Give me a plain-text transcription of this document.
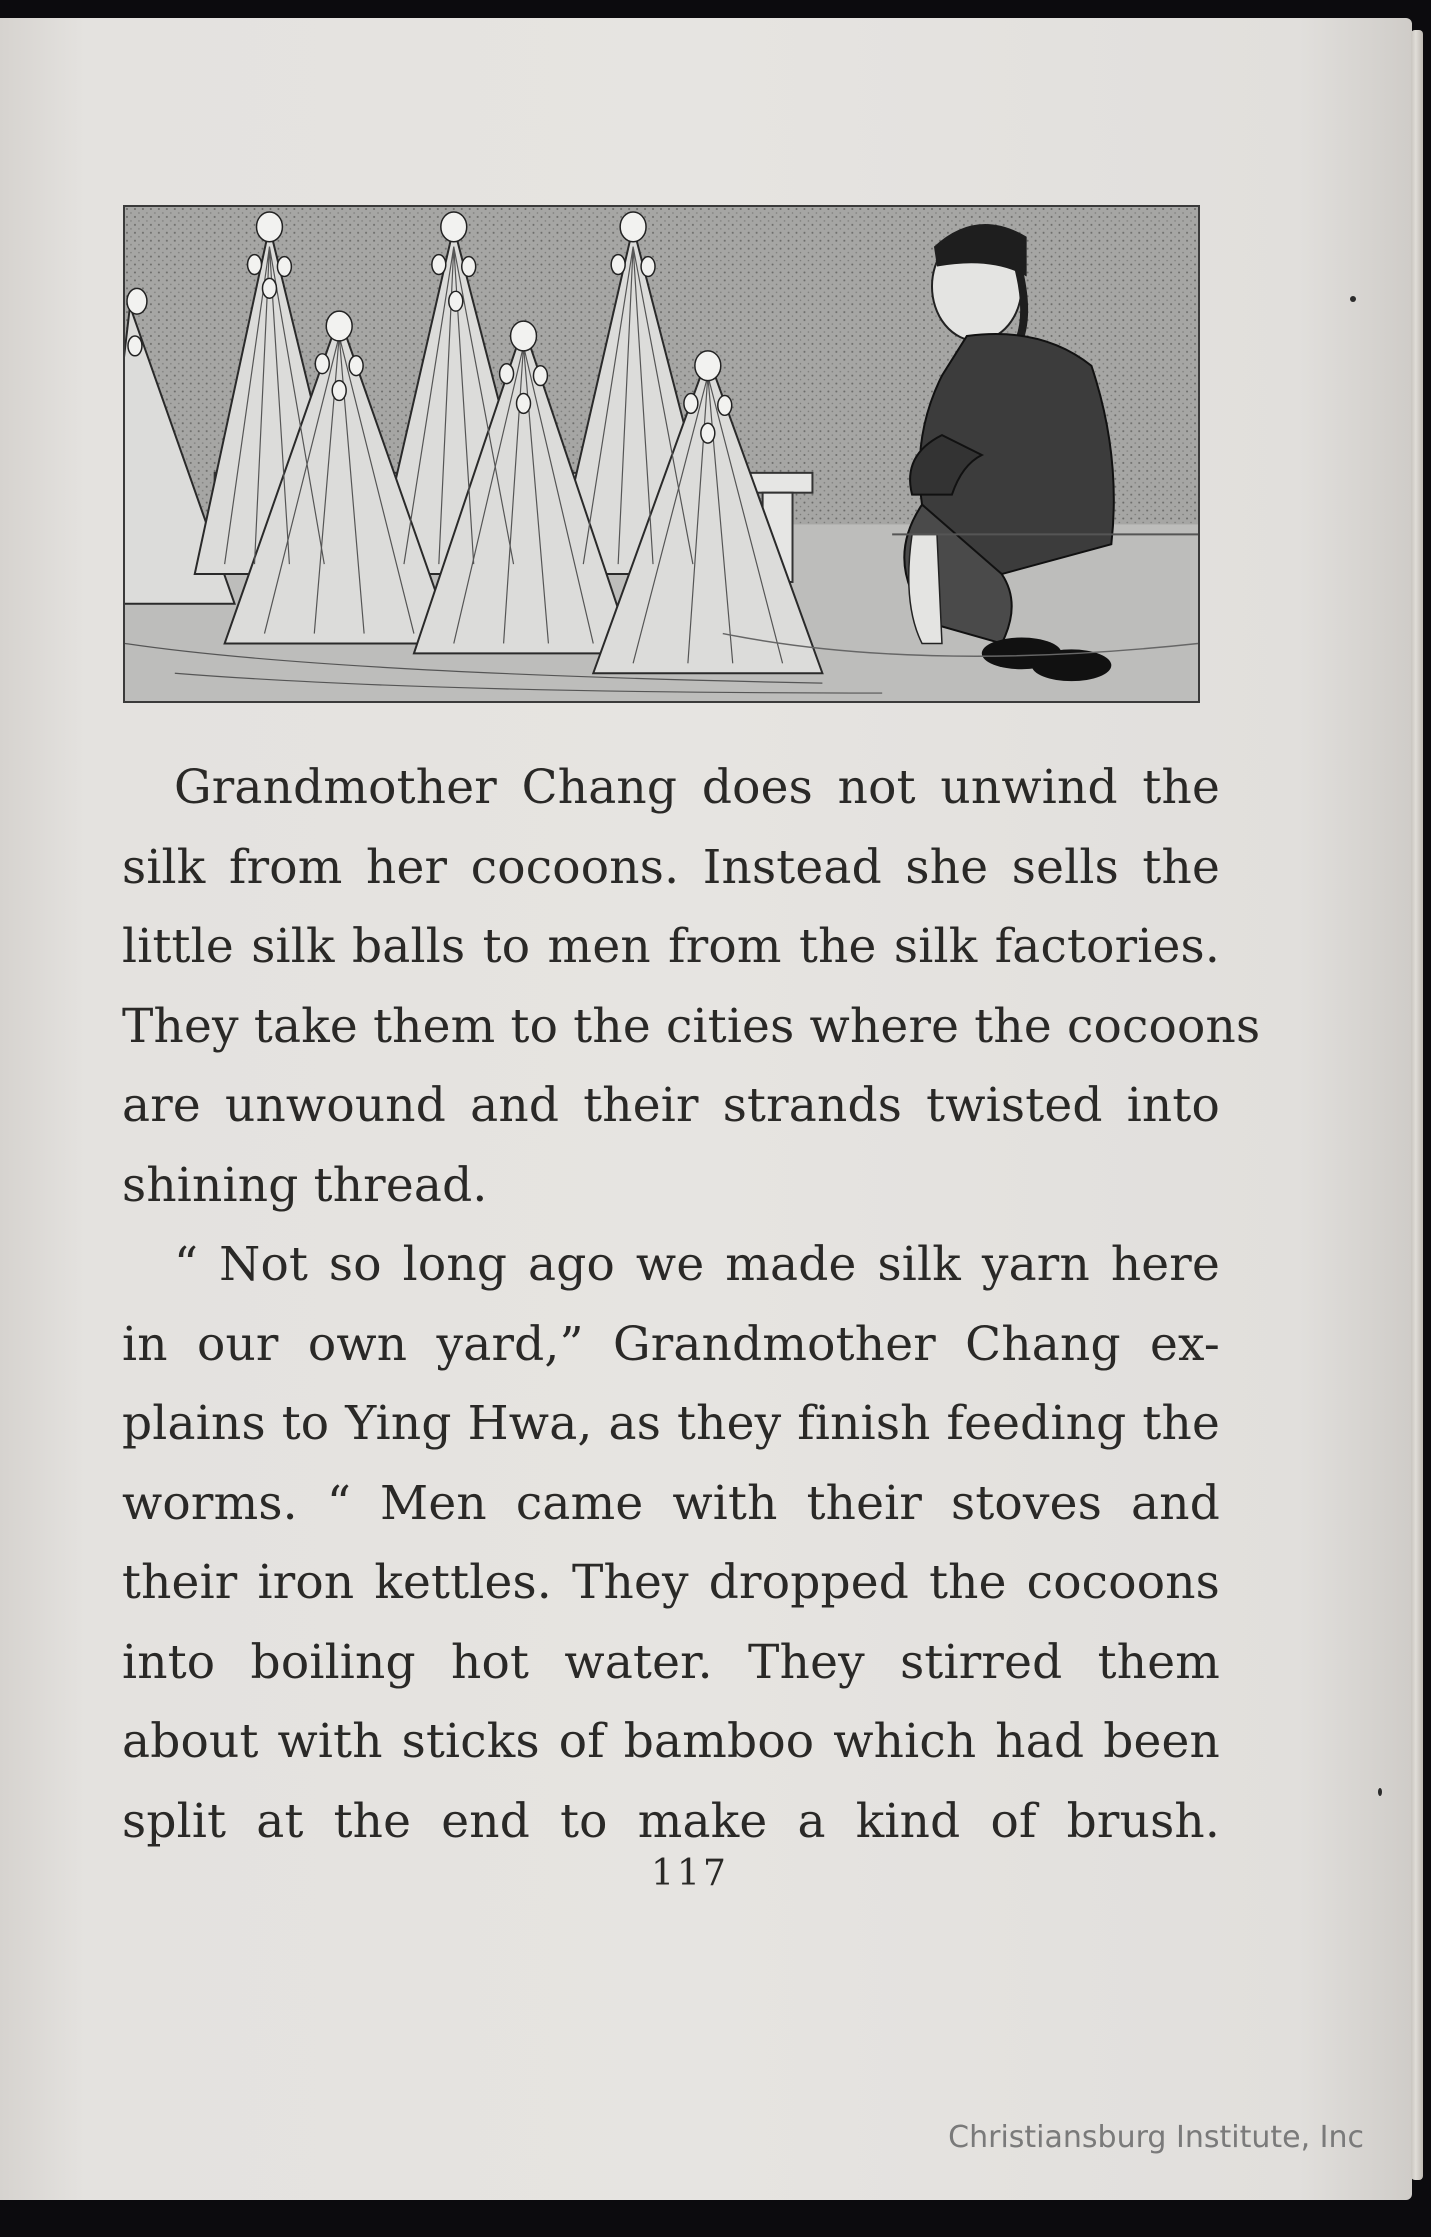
Grandmother Chang does not unwind the
silk from her cocoons. Instead she sells the
little silk balls to men from the silk factories.
They take them to the cities where the cocoons
are unwound and their strands twisted into
shining thread.
“ Not so long ago we made silk yarn here
in our own yard,” Grandmother Chang ex-
plains to Ying Hwa, as they finish feeding the
worms. “ Men came with their stoves and
their iron kettles. They dropped the cocoons
into boiling hot water. They stirred them
about with sticks of bamboo which had been
split at the end to make a kind of brush.
117
Christiansburg Institute, Inc
